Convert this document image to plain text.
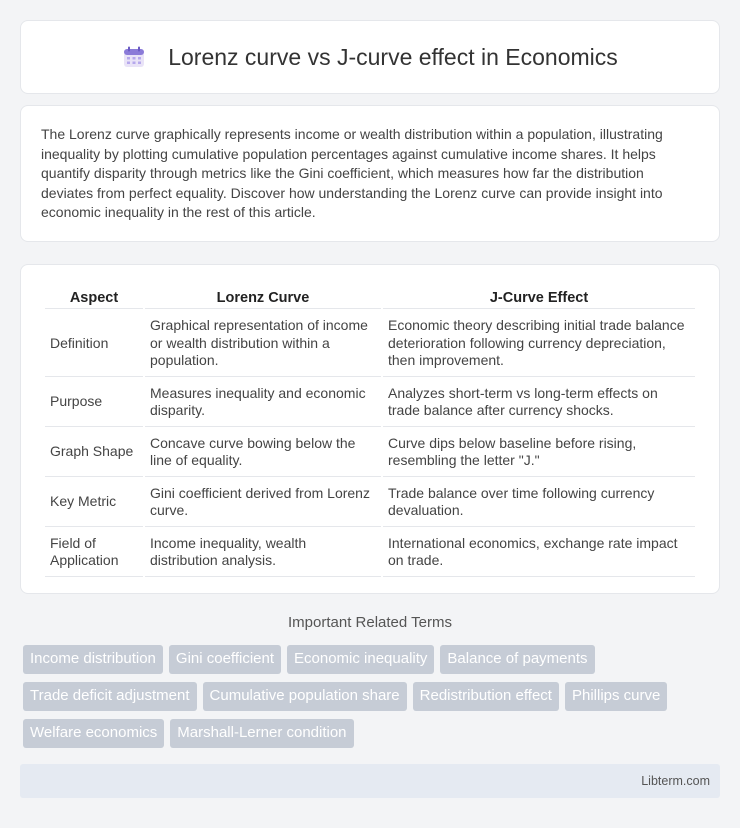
Lorenz curve vs J-curve effect in Economics

The Lorenz curve graphically represents income or wealth distribution within a population, illustrating inequality by plotting cumulative population percentages against cumulative income shares. It helps quantify disparity through metrics like the Gini coefficient, which measures how far the distribution deviates from perfect equality. Discover how understanding the Lorenz curve can provide insight into economic inequality in the rest of this article.

Aspect	Lorenz Curve	J-Curve Effect
Definition	Graphical representation of income or wealth distribution within a population.	Economic theory describing initial trade balance deterioration following currency depreciation, then improvement.
Purpose	Measures inequality and economic disparity.	Analyzes short-term vs long-term effects on trade balance after currency shocks.
Graph Shape	Concave curve bowing below the line of equality.	Curve dips below baseline before rising, resembling the letter "J."
Key Metric	Gini coefficient derived from Lorenz curve.	Trade balance over time following currency devaluation.
Field of Application	Income inequality, wealth distribution analysis.	International economics, exchange rate impact on trade.
Important Related Terms
Income distribution	Gini coefficient	Economic inequality	Balance of payments
Trade deficit adjustment	Cumulative population share	Redistribution effect	Phillips curve
Welfare economics	Marshall-Lerner condition
Libterm.com
